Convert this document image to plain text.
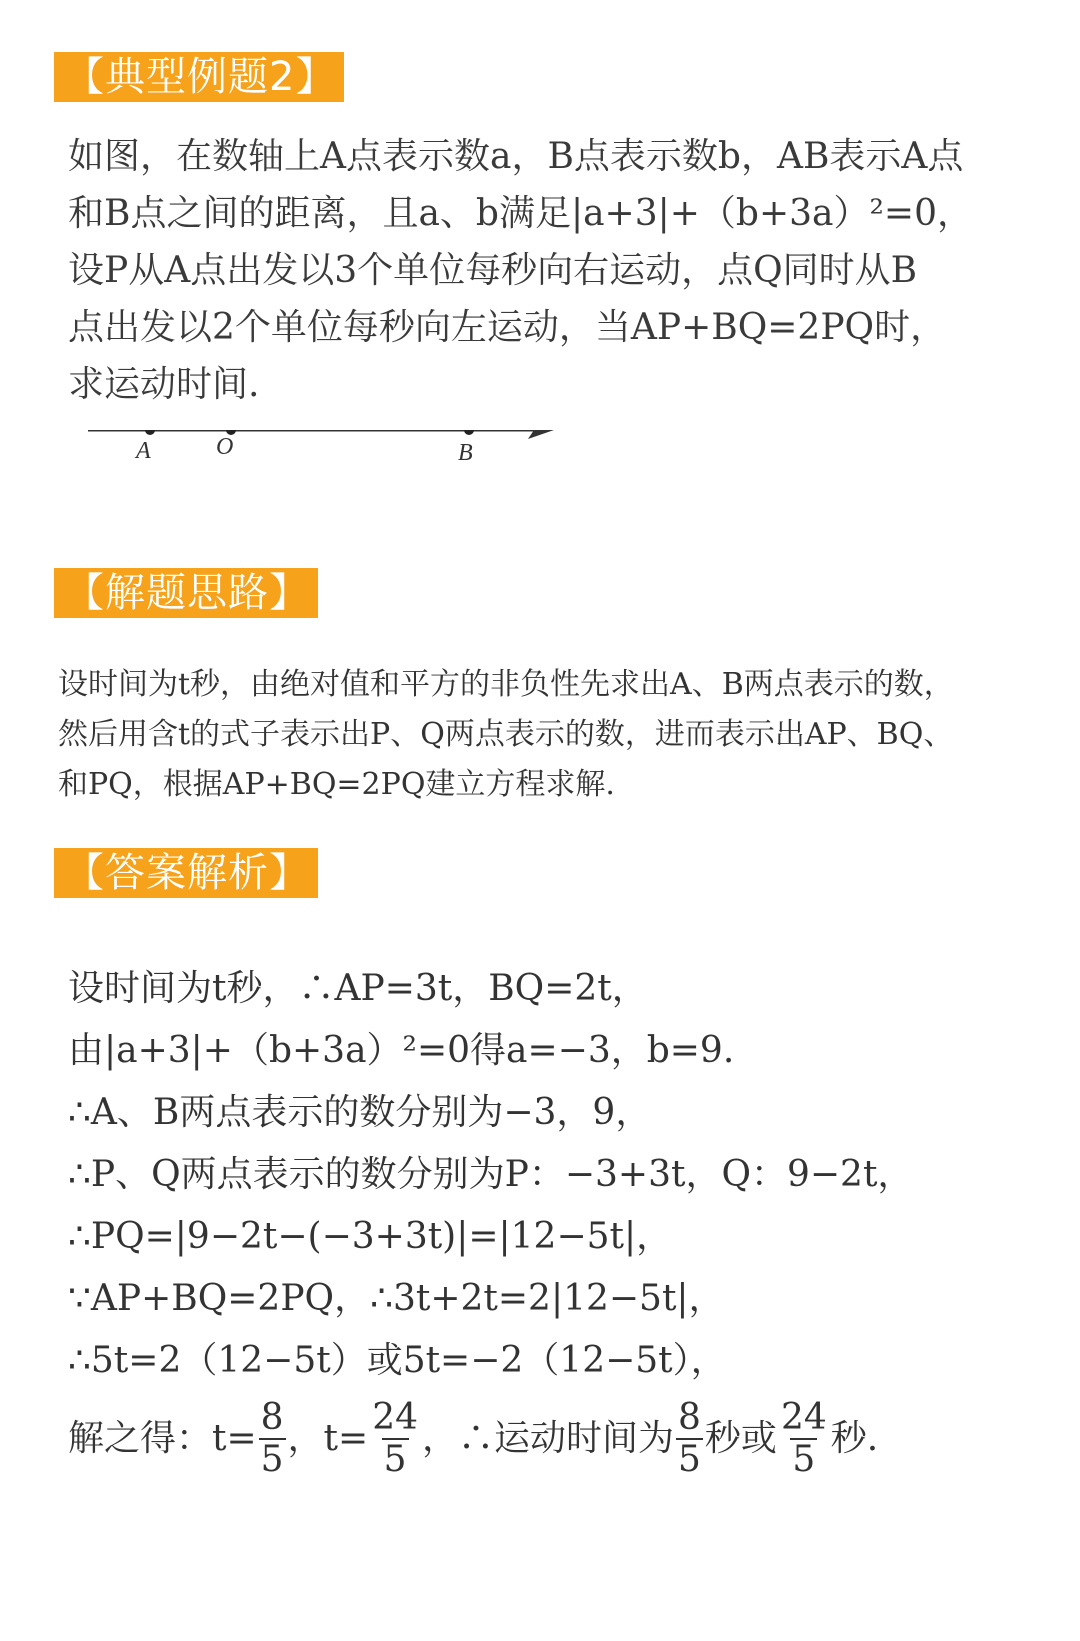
【典型例题2】
如图，在数轴上A点表示数a，B点表示数b，AB表示A点
和B点之间的距离，且a、b满足|a+3|+（b+3a）²=0，
设P从A点出发以3个单位每秒向右运动，点Q同时从B
点出发以2个单位每秒向左运动，当AP+BQ=2PQ时，
求运动时间.
A	O	B
【解题思路】
设时间为t秒，由绝对值和平方的非负性先求出A、B两点表示的数，
然后用含t的式子表示出P、Q两点表示的数，进而表示出AP、BQ、
和PQ，根据AP+BQ=2PQ建立方程求解.
【答案解析】
设时间为t秒，∴AP=3t，BQ=2t，
由|a+3|+（b+3a）²=0得a=−3，b=9.
∴A、B两点表示的数分别为−3，9，
∴P、Q两点表示的数分别为P：−3+3t，Q：9−2t，
∴PQ=|9−2t−(−3+3t)|=|12−5t|，
∵AP+BQ=2PQ，∴3t+2t=2|12−5t|，
∴5t=2（12−5t）或5t=−2（12−5t），
解之得：$t= \frac{8}{5}$ ，$t= \frac{24}{5}$ ，∴运动时间为 $\frac{8}{5}$ 秒或 $\frac{24}{5}$ 秒.
